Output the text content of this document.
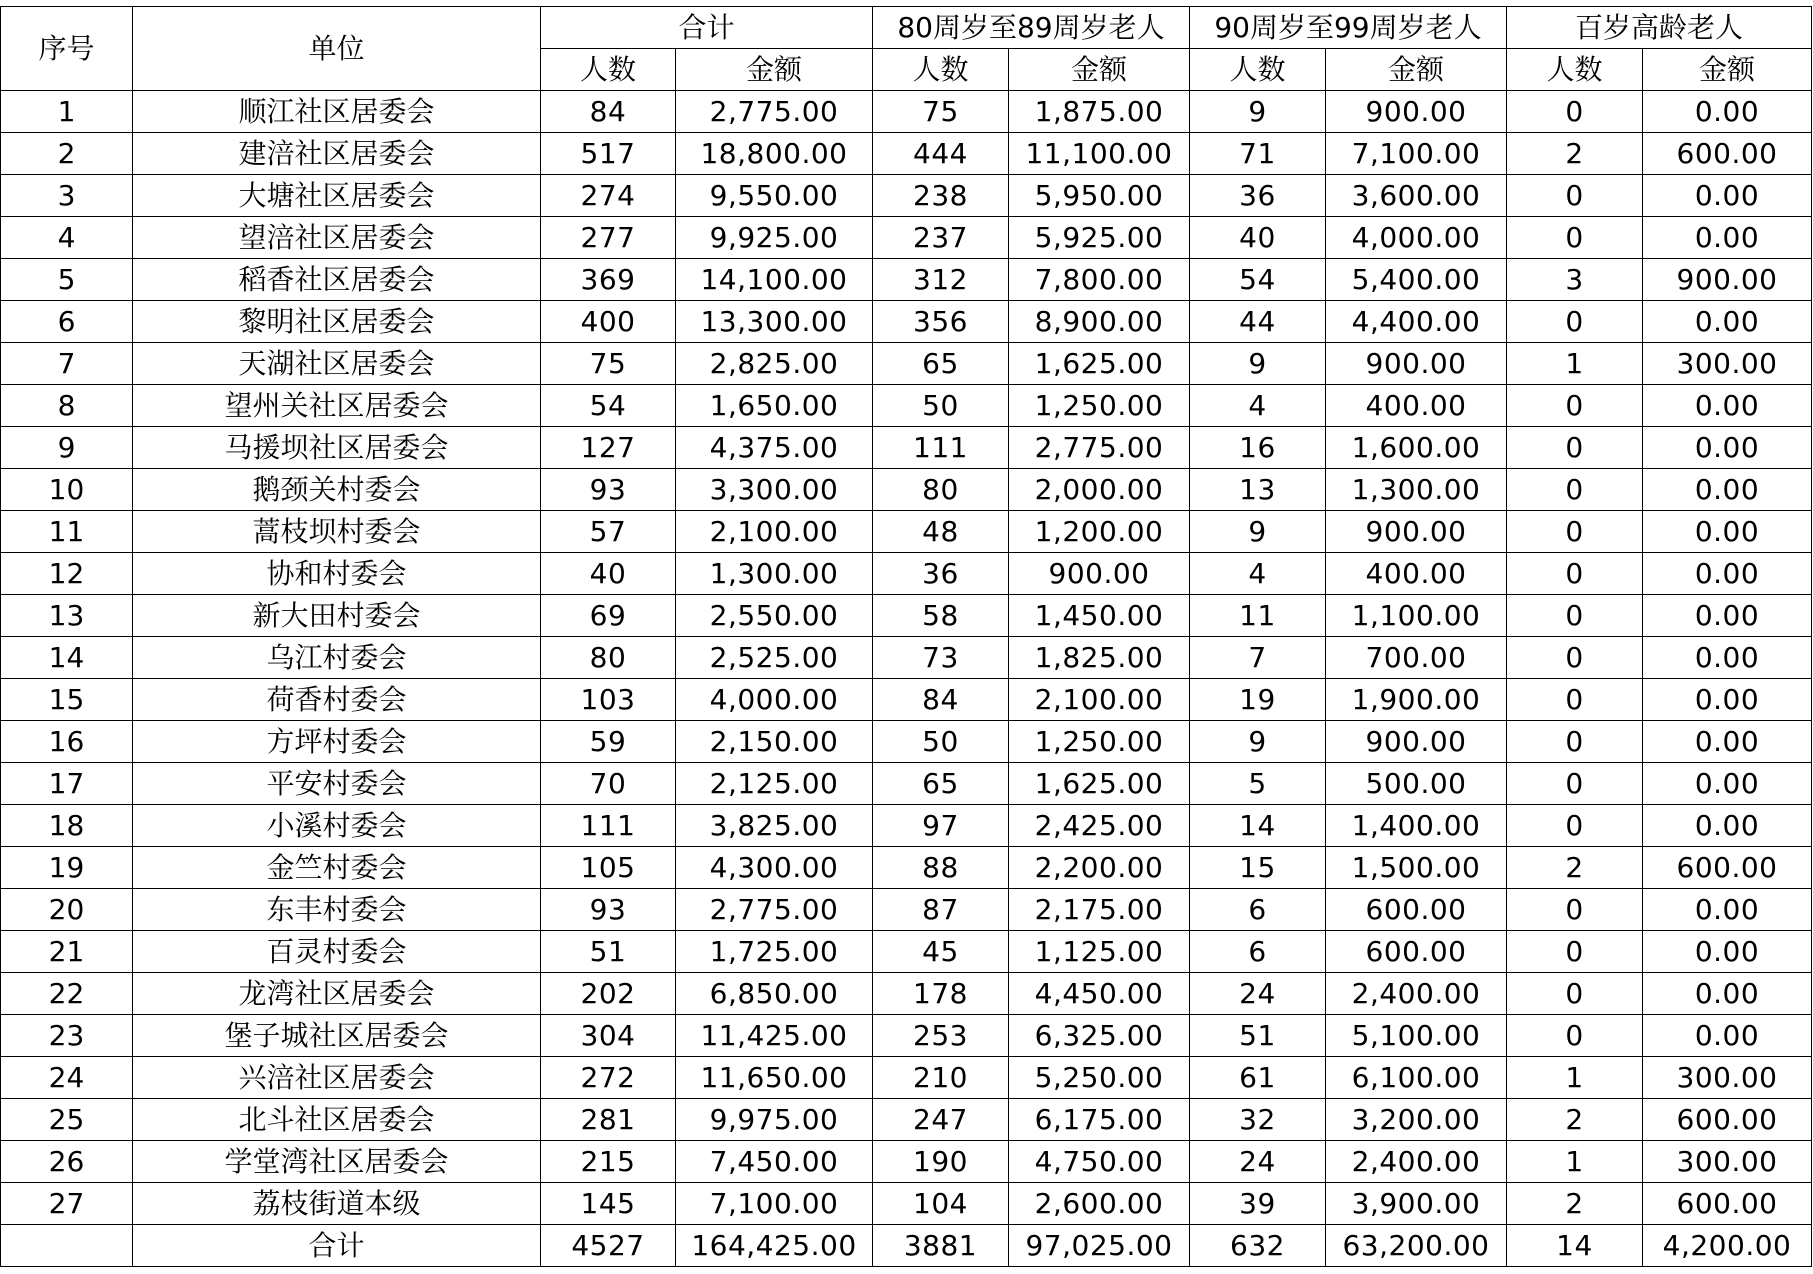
序号	单位	合计		80周岁至89周岁老人		90周岁至99周岁老人		百岁高龄老人	
		人数	金额	人数	金额	人数	金额	人数	金额
1	顺江社区居委会	84	2,775.00	75	1,875.00	9	900.00	0	0.00
2	建涪社区居委会	517	18,800.00	444	11,100.00	71	7,100.00	2	600.00
3	大塘社区居委会	274	9,550.00	238	5,950.00	36	3,600.00	0	0.00
4	望涪社区居委会	277	9,925.00	237	5,925.00	40	4,000.00	0	0.00
5	稻香社区居委会	369	14,100.00	312	7,800.00	54	5,400.00	3	900.00
6	黎明社区居委会	400	13,300.00	356	8,900.00	44	4,400.00	0	0.00
7	天湖社区居委会	75	2,825.00	65	1,625.00	9	900.00	1	300.00
8	望州关社区居委会	54	1,650.00	50	1,250.00	4	400.00	0	0.00
9	马援坝社区居委会	127	4,375.00	111	2,775.00	16	1,600.00	0	0.00
10	鹅颈关村委会	93	3,300.00	80	2,000.00	13	1,300.00	0	0.00
11	蒿枝坝村委会	57	2,100.00	48	1,200.00	9	900.00	0	0.00
12	协和村委会	40	1,300.00	36	900.00	4	400.00	0	0.00
13	新大田村委会	69	2,550.00	58	1,450.00	11	1,100.00	0	0.00
14	乌江村委会	80	2,525.00	73	1,825.00	7	700.00	0	0.00
15	荷香村委会	103	4,000.00	84	2,100.00	19	1,900.00	0	0.00
16	方坪村委会	59	2,150.00	50	1,250.00	9	900.00	0	0.00
17	平安村委会	70	2,125.00	65	1,625.00	5	500.00	0	0.00
18	小溪村委会	111	3,825.00	97	2,425.00	14	1,400.00	0	0.00
19	金竺村委会	105	4,300.00	88	2,200.00	15	1,500.00	2	600.00
20	东丰村委会	93	2,775.00	87	2,175.00	6	600.00	0	0.00
21	百灵村委会	51	1,725.00	45	1,125.00	6	600.00	0	0.00
22	龙湾社区居委会	202	6,850.00	178	4,450.00	24	2,400.00	0	0.00
23	堡子城社区居委会	304	11,425.00	253	6,325.00	51	5,100.00	0	0.00
24	兴涪社区居委会	272	11,650.00	210	5,250.00	61	6,100.00	1	300.00
25	北斗社区居委会	281	9,975.00	247	6,175.00	32	3,200.00	2	600.00
26	学堂湾社区居委会	215	7,450.00	190	4,750.00	24	2,400.00	1	300.00
27	荔枝街道本级	145	7,100.00	104	2,600.00	39	3,900.00	2	600.00
	合计	4527	164,425.00	3881	97,025.00	632	63,200.00	14	4,200.00
